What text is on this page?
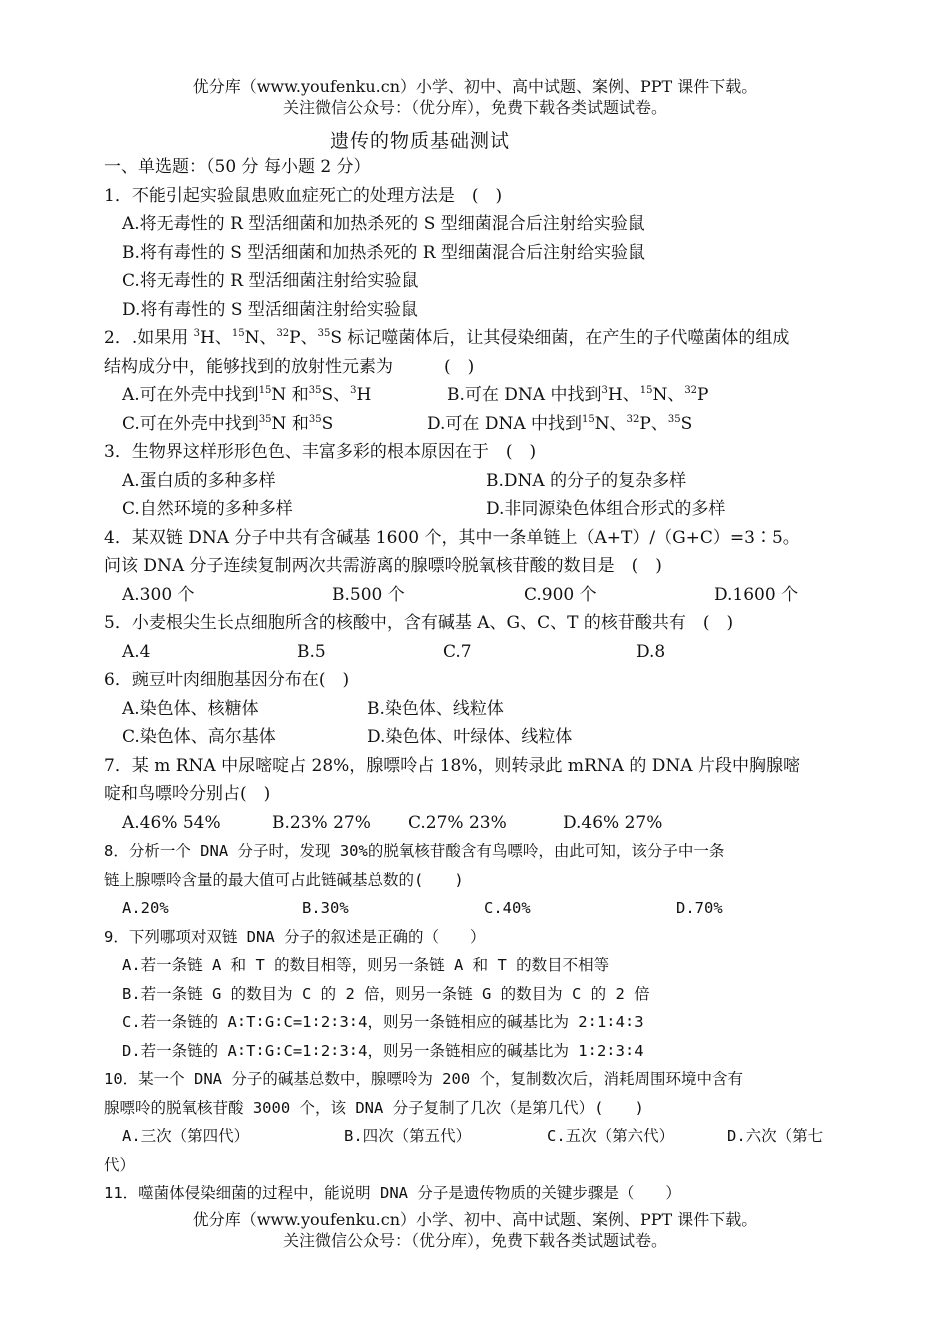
优分库（www.youfenku.cn）小学、初中、高中试题、案例、PPT 课件下载。
关注微信公众号：（优分库），免费下载各类试题试卷。
遗传的物质基础测试
一、单选题：（50 分 每小题 2 分）
1．不能引起实验鼠患败血症死亡的处理方法是　(　)
A.将无毒性的 R 型活细菌和加热杀死的 S 型细菌混合后注射给实验鼠
B.将有毒性的 S 型活细菌和加热杀死的 R 型细菌混合后注射给实验鼠
C.将无毒性的 R 型活细菌注射给实验鼠
D.将有毒性的 S 型活细菌注射给实验鼠
2．.如果用 $^3$H、$^{15}$N、$^{32}$P、$^{35}$S 标记噬菌体后，让其侵染细菌，在产生的子代噬菌体的组成
结构成分中，能够找到的放射性元素为　　　(　)
A.可在外壳中找到$^{15}$N 和$^{35}$S、$^3$H	B.可在 DNA 中找到$^3$H、$^{15}$N、$^{32}$P
C.可在外壳中找到$^{35}$N 和$^{35}$S	D.可在 DNA 中找到$^{15}$N、$^{32}$P、$^{35}$S
3．生物界这样形形色色、丰富多彩的根本原因在于　(　)
A.蛋白质的多种多样	B.DNA 的分子的复杂多样
C.自然环境的多种多样	D.非同源染色体组合形式的多样
4．某双链 DNA 分子中共有含碱基 1600 个，其中一条单链上（A+T）/（G+C）=3∶5。
问该 DNA 分子连续复制两次共需游离的腺嘌呤脱氧核苷酸的数目是　(　)
A.300 个	B.500 个	C.900 个	D.1600 个
5．小麦根尖生长点细胞所含的核酸中，含有碱基 A、G、C、T 的核苷酸共有　(　)
A.4	B.5	C.7	D.8
6．豌豆叶肉细胞基因分布在(　)
A.染色体、核糖体	B.染色体、线粒体
C.染色体、高尔基体	D.染色体、叶绿体、线粒体
7．某 m RNA 中尿嘧啶占 28%，腺嘌呤占 18%，则转录此 mRNA 的 DNA 片段中胸腺嘧
啶和鸟嘌呤分别占(　)
A.46% 54%	B.23% 27%	C.27% 23%	D.46% 27%
8．分析一个 DNA 分子时，发现 30%的脱氧核苷酸含有鸟嘌呤，由此可知，该分子中一条
链上腺嘌呤含量的最大值可占此链碱基总数的(　　)
A.20%	B.30%	C.40%	D.70%
9．下列哪项对双链 DNA 分子的叙述是正确的（　　）
A.若一条链 A 和 T 的数目相等，则另一条链 A 和 T 的数目不相等
B.若一条链 G 的数目为 C 的 2 倍，则另一条链 G 的数目为 C 的 2 倍
C.若一条链的 A∶T∶G∶C=1∶2∶3∶4，则另一条链相应的碱基比为 2∶1∶4∶3
D.若一条链的 A∶T∶G∶C=1∶2∶3∶4，则另一条链相应的碱基比为 1∶2∶3∶4
10．某一个 DNA 分子的碱基总数中，腺嘌呤为 200 个，复制数次后，消耗周围环境中含有
腺嘌呤的脱氧核苷酸 3000 个，该 DNA 分子复制了几次（是第几代）(　　)
A.三次（第四代）	B.四次（第五代）	C.五次（第六代）	D.六次（第七
代）
11．噬菌体侵染细菌的过程中，能说明 DNA 分子是遗传物质的关键步骤是（　　）
优分库（www.youfenku.cn）小学、初中、高中试题、案例、PPT 课件下载。
关注微信公众号：（优分库），免费下载各类试题试卷。
